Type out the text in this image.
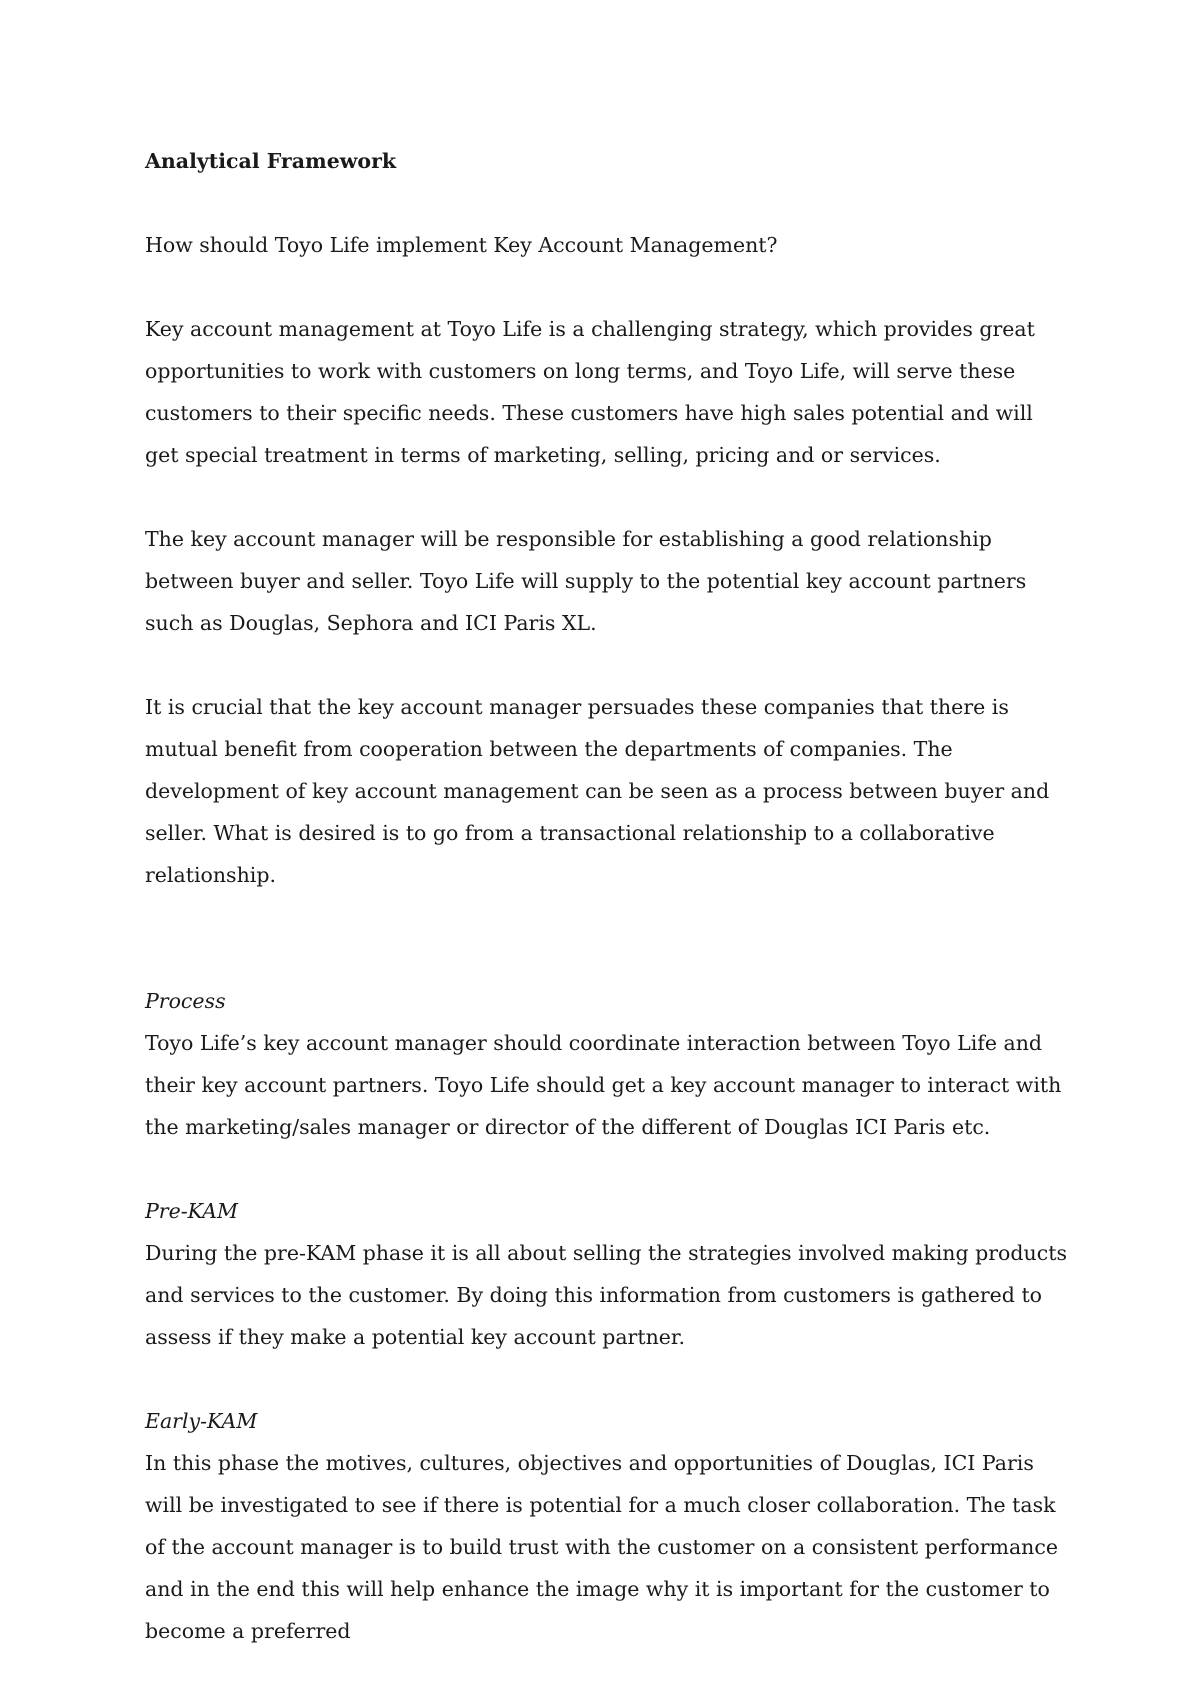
Analytical Framework

How should Toyo Life implement Key Account Management?

Key account management at Toyo Life is a challenging strategy, which provides great opportunities to work with customers on long terms, and Toyo Life, will serve these customers to their specific needs. These customers have high sales potential and will get special treatment in terms of marketing, selling, pricing and or services.

The key account manager will be responsible for establishing a good relationship between buyer and seller. Toyo Life will supply to the potential key account partners such as Douglas, Sephora and ICI Paris XL.

It is crucial that the key account manager persuades these companies that there is mutual benefit from cooperation between the departments of companies. The development of key account management can be seen as a process between buyer and seller. What is desired is to go from a transactional relationship to a collaborative relationship.

Process

Toyo Life’s key account manager should coordinate interaction between Toyo Life and their key account partners. Toyo Life should get a key account manager to interact with the marketing/sales manager or director of the different of Douglas ICI Paris etc.

Pre-KAM

During the pre-KAM phase it is all about selling the strategies involved making products and services to the customer. By doing this information from customers is gathered to assess if they make a potential key account partner.

Early-KAM

In this phase the motives, cultures, objectives and opportunities of Douglas, ICI Paris will be investigated to see if there is potential for a much closer collaboration. The task of the account manager is to build trust with the customer on a consistent performance and in the end this will help enhance the image why it is important for the customer to become a preferred
